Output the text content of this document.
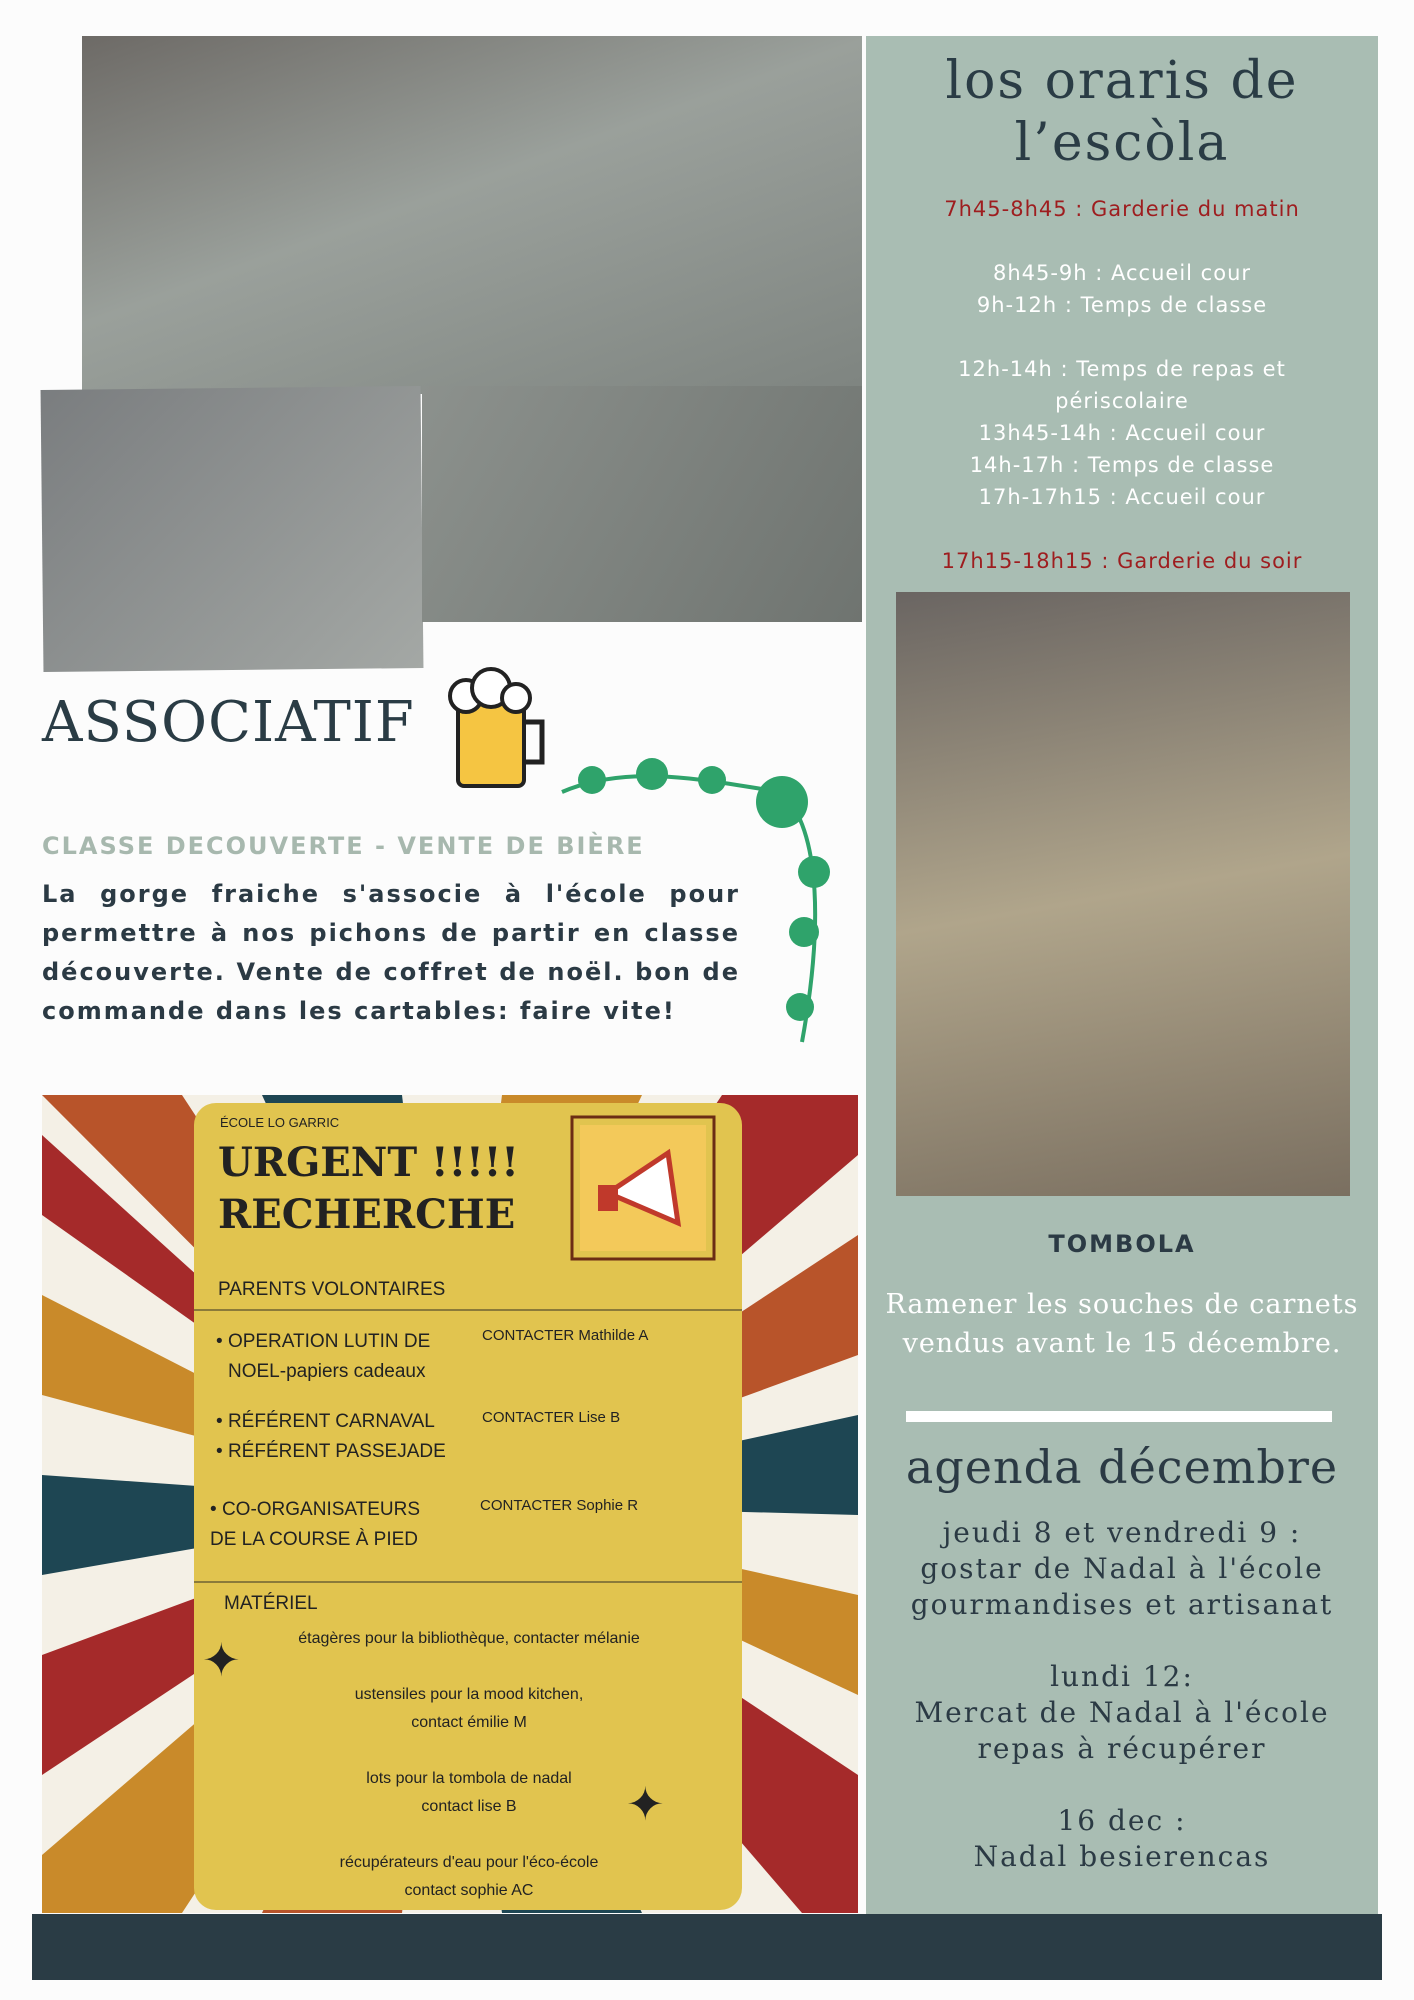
los oraris de
l’escòla
7h45-8h45 : Garderie du matin

8h45-9h : Accueil cour
9h-12h : Temps de classe

12h-14h : Temps de repas et
périscolaire
13h45-14h : Accueil cour
14h-17h : Temps de classe
17h-17h15 : Accueil cour

17h15-18h15 : Garderie du soir
TOMBOLA
Ramener les souches de carnets vendus avant le 15 décembre.
agenda décembre
jeudi 8 et vendredi 9 :
gostar de Nadal à l'école
gourmandises et artisanat

lundi 12:
Mercat de Nadal à l'école
repas à récupérer

16 dec :
Nadal besierencas
ASSOCIATIF
CLASSE DECOUVERTE - VENTE DE BIÈRE
La gorge fraiche s'associe à l'école pour permettre à nos pichons de partir en classe découverte. Vente de coffret de noël. bon de commande dans les cartables: faire vite!
ÉCOLE LO GARRIC
URGENT !!!!!
RECHERCHE
PARENTS VOLONTAIRES
• OPERATION LUTIN DE
NOEL-papiers cadeaux
CONTACTER Mathilde A
• RÉFÉRENT CARNAVAL
• RÉFÉRENT PASSEJADE
CONTACTER Lise B
• CO-ORGANISATEURS
DE LA COURSE À PIED
CONTACTER Sophie R
MATÉRIEL
étagères pour la bibliothèque, contacter mélanie

ustensiles pour la mood kitchen,
contact émilie M

lots pour la tombola de nadal
contact lise B

récupérateurs d'eau pour l'éco-école
contact sophie AC
✦
✦
